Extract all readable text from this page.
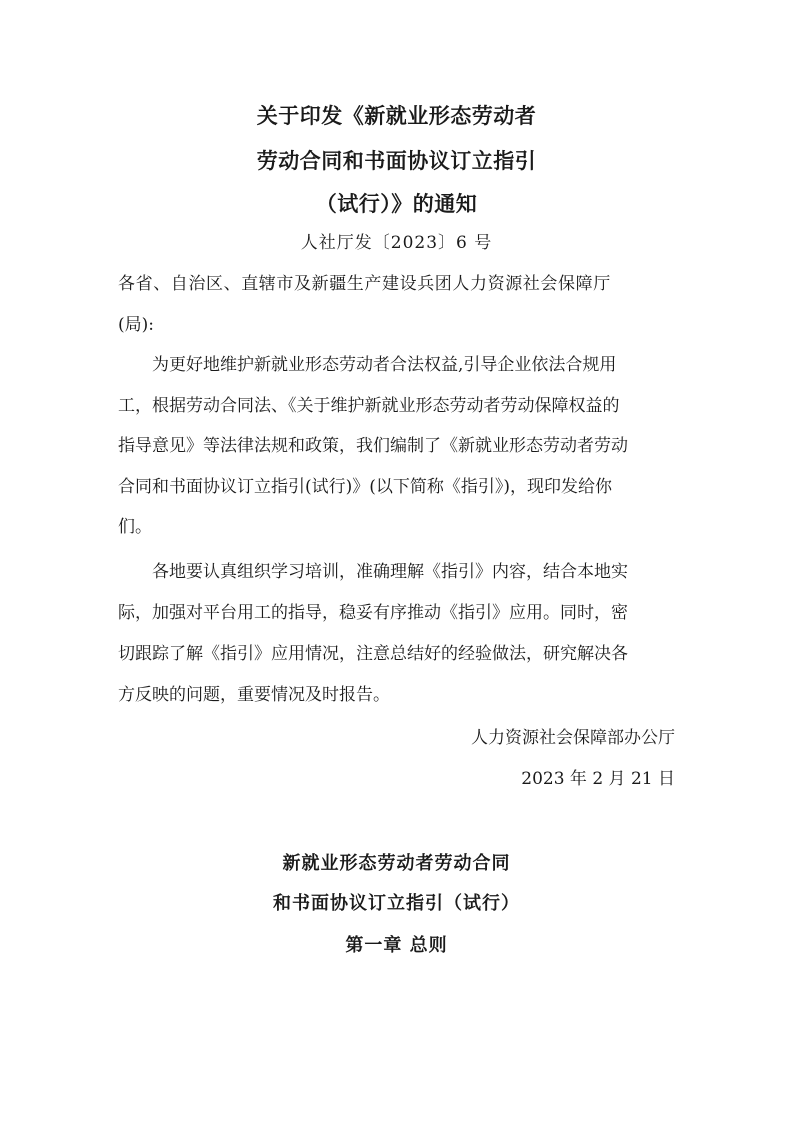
关于印发《新就业形态劳动者
劳动合同和书面协议订立指引
（试行）》的通知
人社厅发〔2023〕6 号
各省、自治区、直辖市及新疆生产建设兵团人力资源社会保障厅
(局):
为更好地维护新就业形态劳动者合法权益,引导企业依法合规用
工，根据劳动合同法、《关于维护新就业形态劳动者劳动保障权益的
指导意见》等法律法规和政策，我们编制了《新就业形态劳动者劳动
合同和书面协议订立指引(试行)》(以下简称《指引》)，现印发给你
们。
各地要认真组织学习培训，准确理解《指引》内容，结合本地实
际，加强对平台用工的指导，稳妥有序推动《指引》应用。同时，密
切跟踪了解《指引》应用情况，注意总结好的经验做法，研究解决各
方反映的问题，重要情况及时报告。
人力资源社会保障部办公厅
2023 年 2 月 21 日
新就业形态劳动者劳动合同
和书面协议订立指引（试行）
第一章 总则
